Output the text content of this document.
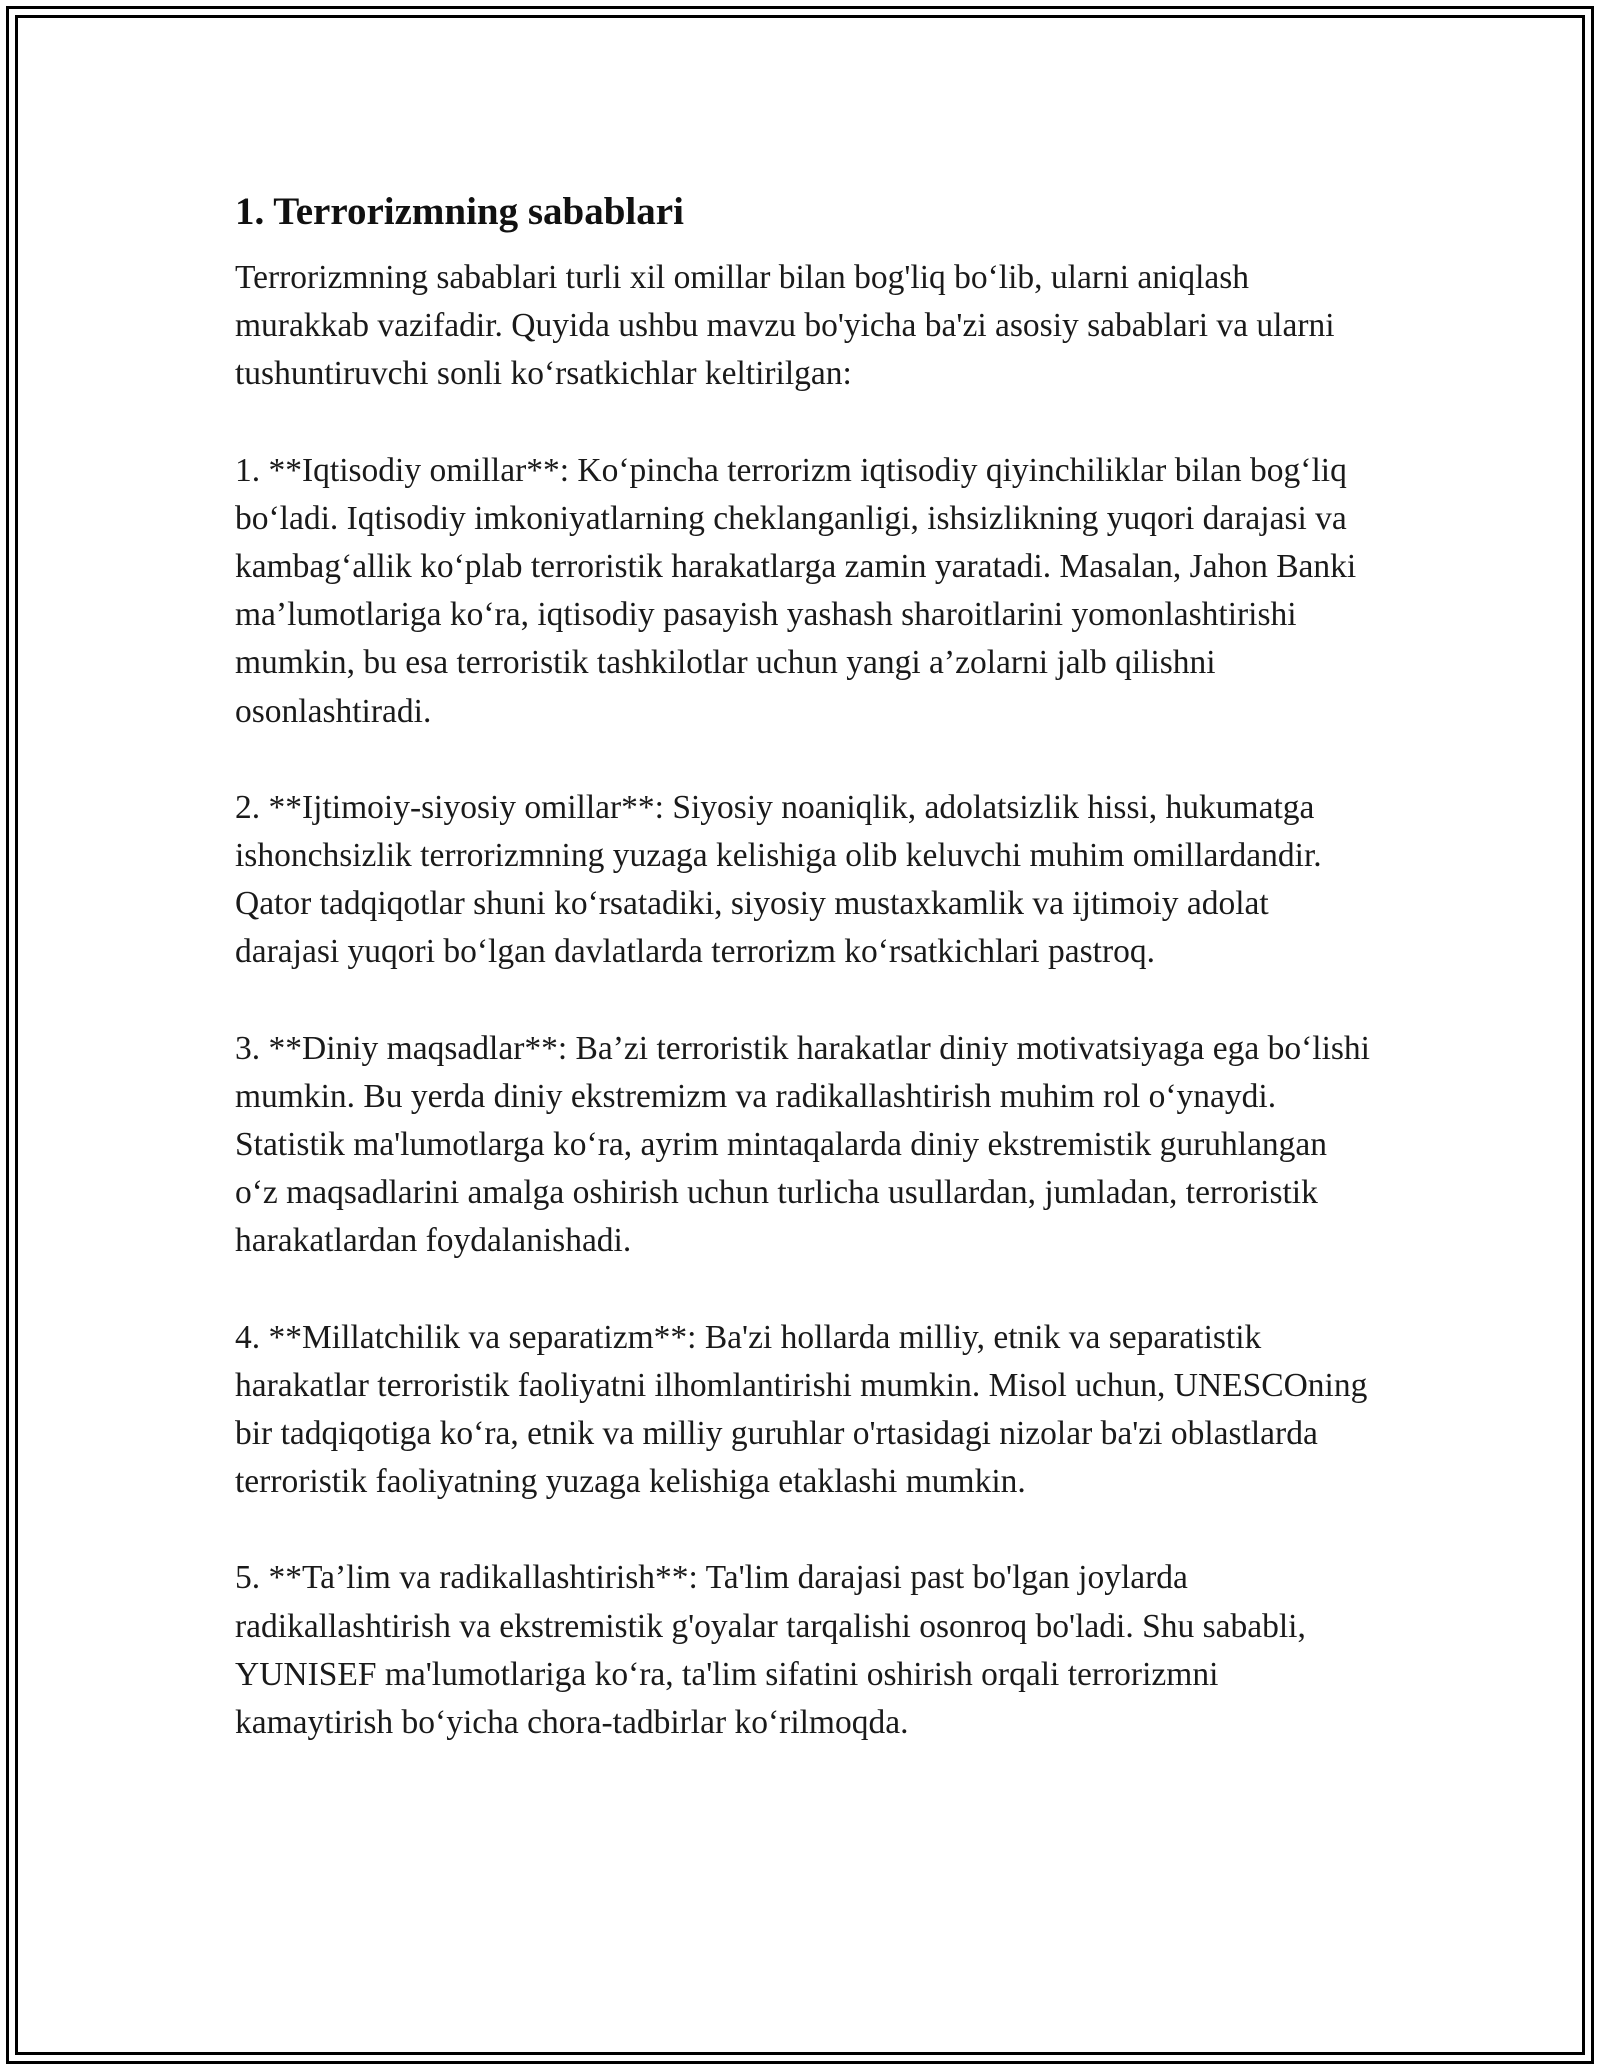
1. Terrorizmning sabablari

Terrorizmning sabablari turli xil omillar bilan bog'liq bo‘lib, ularni aniqlash murakkab vazifadir. Quyida ushbu mavzu bo'yicha ba'zi asosiy sabablari va ularni tushuntiruvchi sonli ko‘rsatkichlar keltirilgan:

1. **Iqtisodiy omillar**: Ko‘pincha terrorizm iqtisodiy qiyinchiliklar bilan bog‘liq bo‘ladi. Iqtisodiy imkoniyatlarning cheklanganligi, ishsizlikning yuqori darajasi va kambag‘allik ko‘plab terroristik harakatlarga zamin yaratadi. Masalan, Jahon Banki ma’lumotlariga ko‘ra, iqtisodiy pasayish yashash sharoitlarini yomonlashtirishi mumkin, bu esa terroristik tashkilotlar uchun yangi a’zolarni jalb qilishni osonlashtiradi.

2. **Ijtimoiy-siyosiy omillar**: Siyosiy noaniqlik, adolatsizlik hissi, hukumatga ishonchsizlik terrorizmning yuzaga kelishiga olib keluvchi muhim omillardandir. Qator tadqiqotlar shuni ko‘rsatadiki, siyosiy mustaxkamlik va ijtimoiy adolat darajasi yuqori bo‘lgan davlatlarda terrorizm ko‘rsatkichlari pastroq.

3. **Diniy maqsadlar**: Ba’zi terroristik harakatlar diniy motivatsiyaga ega bo‘lishi mumkin. Bu yerda diniy ekstremizm va radikallashtirish muhim rol o‘ynaydi. Statistik ma'lumotlarga ko‘ra, ayrim mintaqalarda diniy ekstremistik guruhlangan o‘z maqsadlarini amalga oshirish uchun turlicha usullardan, jumladan, terroristik harakatlardan foydalanishadi.

4. **Millatchilik va separatizm**: Ba'zi hollarda milliy, etnik va separatistik harakatlar terroristik faoliyatni ilhomlantirishi mumkin. Misol uchun, UNESCOning bir tadqiqotiga ko‘ra, etnik va milliy guruhlar o'rtasidagi nizolar ba'zi oblastlarda terroristik faoliyatning yuzaga kelishiga etaklashi mumkin.

5. **Ta’lim va radikallashtirish**: Ta'lim darajasi past bo'lgan joylarda radikallashtirish va ekstremistik g'oyalar tarqalishi osonroq bo'ladi. Shu sababli, YUNISEF ma'lumotlariga ko‘ra, ta'lim sifatini oshirish orqali terrorizmni kamaytirish bo‘yicha chora-tadbirlar ko‘rilmoqda.
